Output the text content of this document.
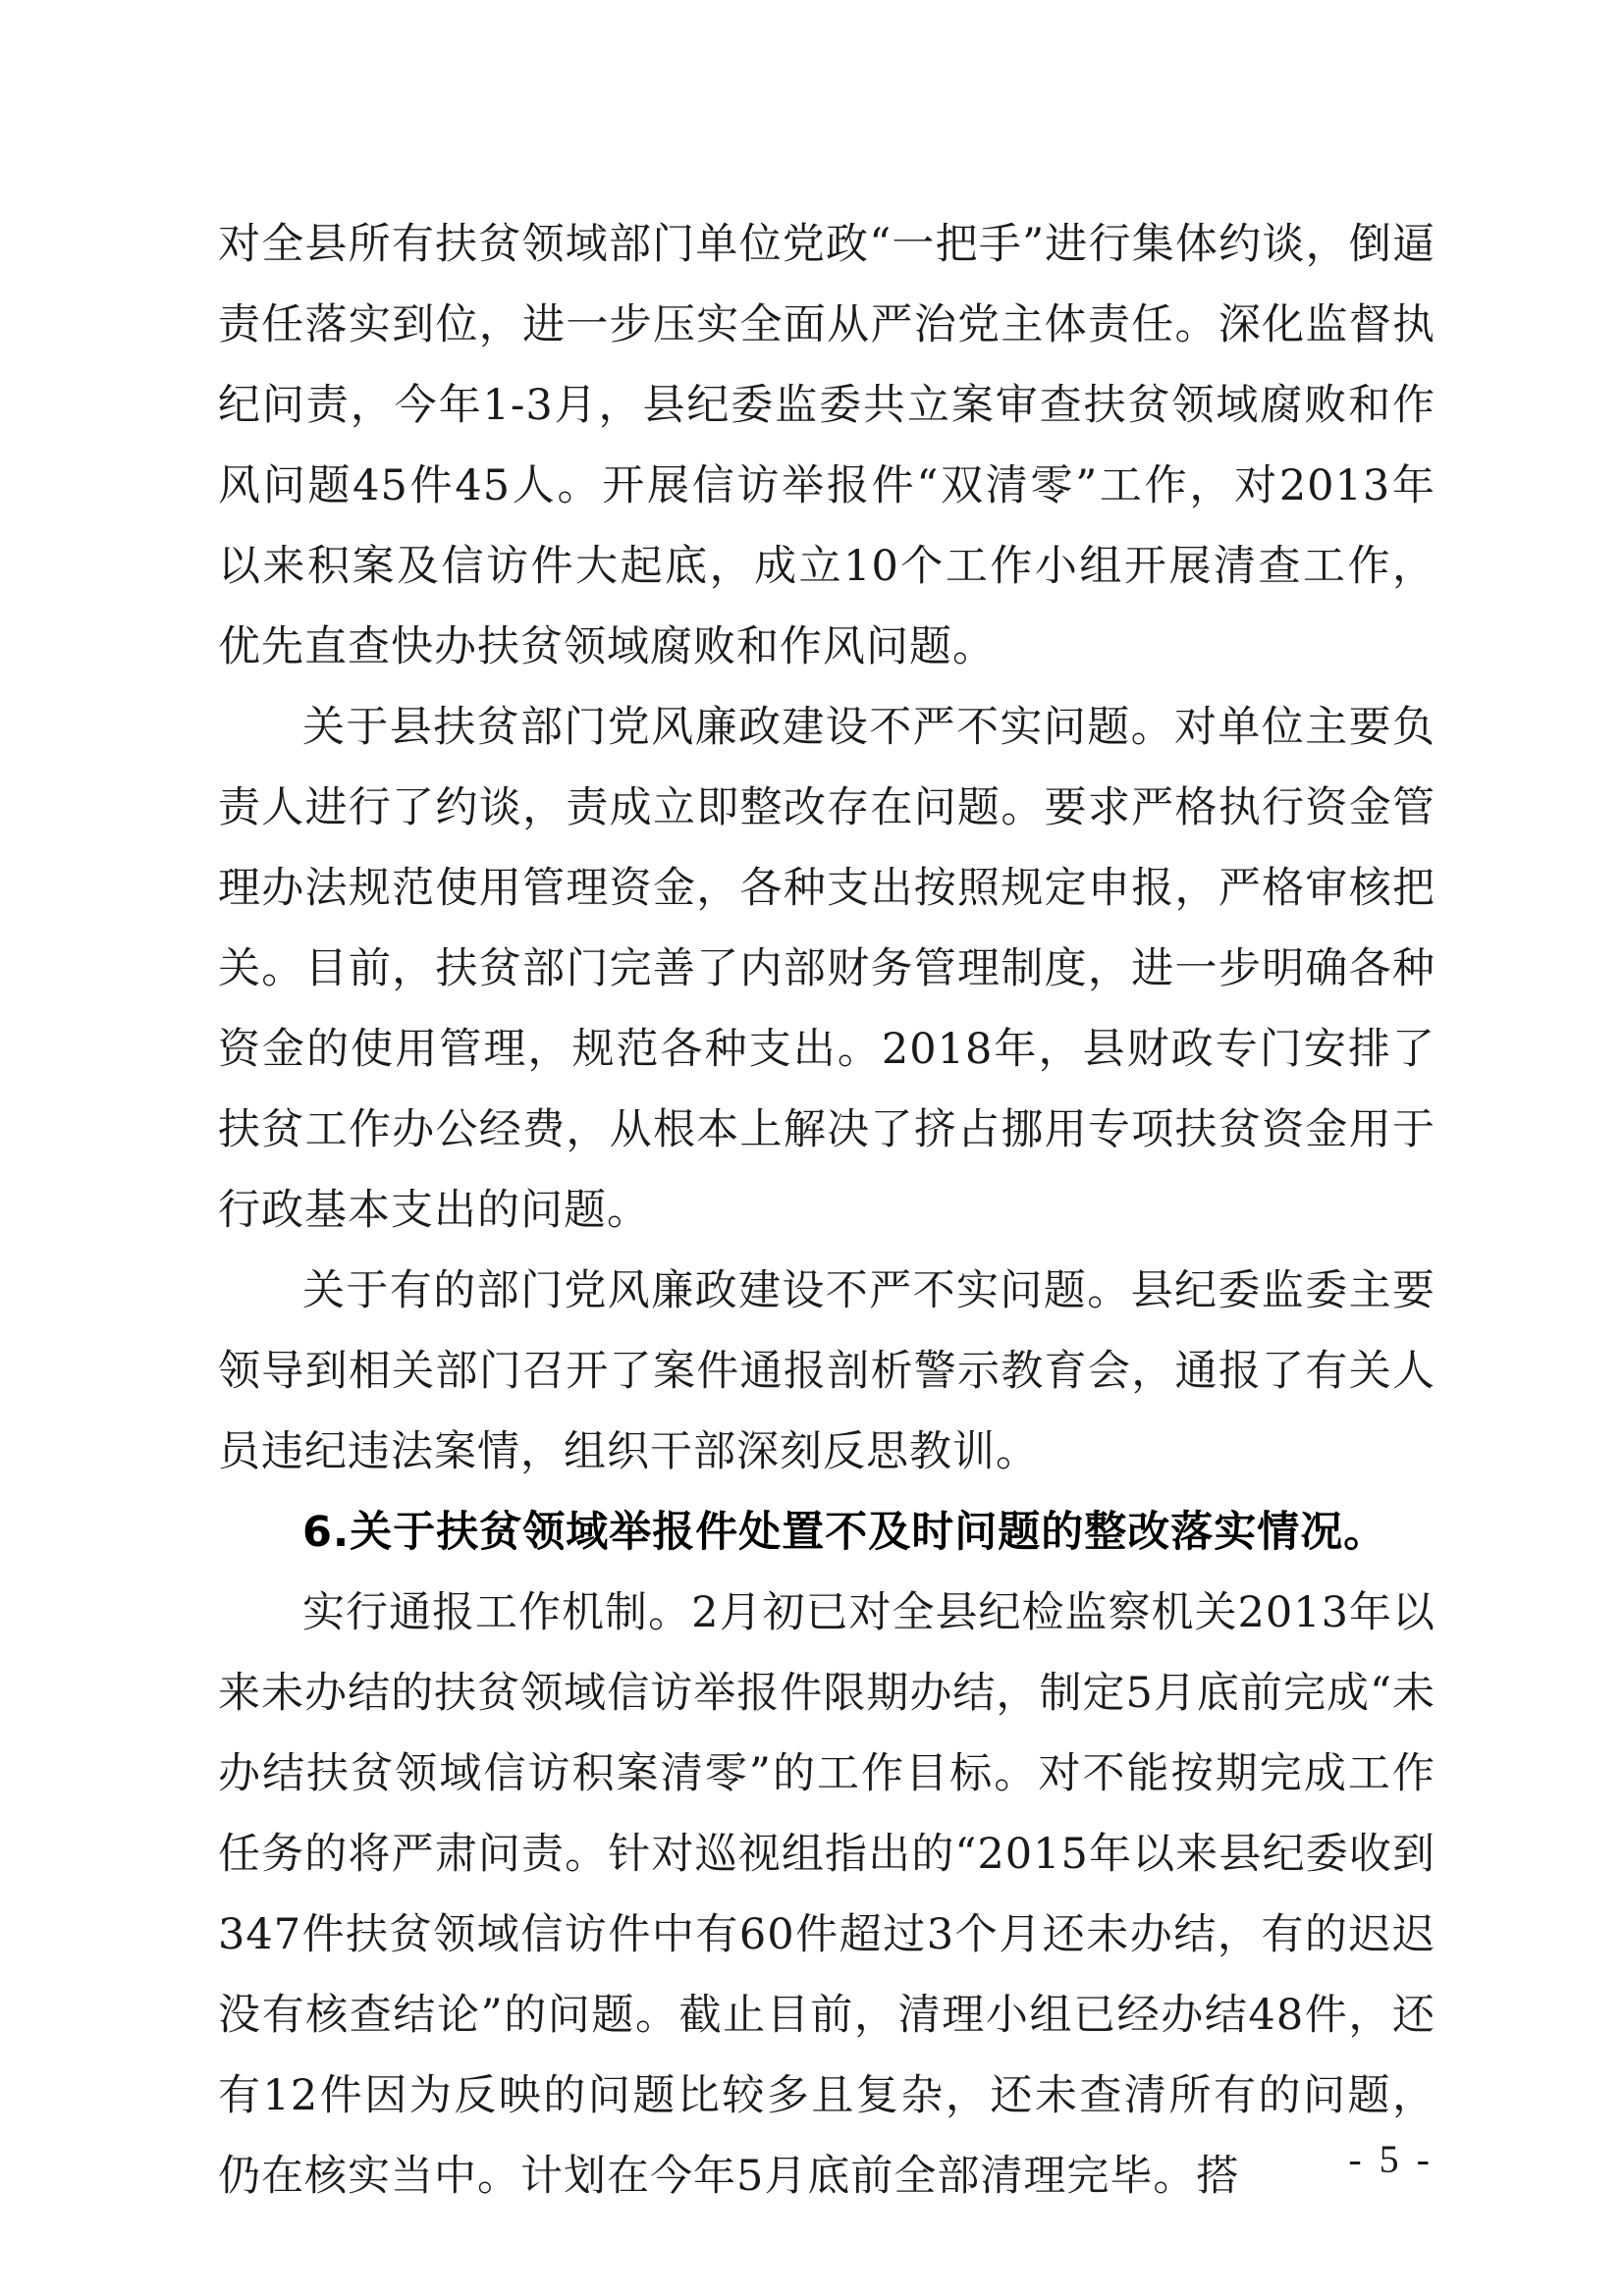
对全县所有扶贫领域部门单位党政“一把手”进行集体约谈，倒逼责任落实到位，进一步压实全面从严治党主体责任。深化监督执纪问责，今年1-3月，县纪委监委共立案审查扶贫领域腐败和作风问题45件45人。开展信访举报件“双清零”工作，对2013年以来积案及信访件大起底，成立10个工作小组开展清查工作，优先直查快办扶贫领域腐败和作风问题。

关于县扶贫部门党风廉政建设不严不实问题。对单位主要负责人进行了约谈，责成立即整改存在问题。要求严格执行资金管理办法规范使用管理资金，各种支出按照规定申报，严格审核把关。目前，扶贫部门完善了内部财务管理制度，进一步明确各种资金的使用管理，规范各种支出。2018年，县财政专门安排了扶贫工作办公经费，从根本上解决了挤占挪用专项扶贫资金用于行政基本支出的问题。

关于有的部门党风廉政建设不严不实问题。县纪委监委主要领导到相关部门召开了案件通报剖析警示教育会，通报了有关人员违纪违法案情，组织干部深刻反思教训。

6.关于扶贫领域举报件处置不及时问题的整改落实情况。

实行通报工作机制。2月初已对全县纪检监察机关2013年以来未办结的扶贫领域信访举报件限期办结，制定5月底前完成“未办结扶贫领域信访积案清零”的工作目标。对不能按期完成工作任务的将严肃问责。针对巡视组指出的“2015年以来县纪委收到347件扶贫领域信访件中有60件超过3个月还未办结，有的迟迟没有核查结论”的问题。截止目前，清理小组已经办结48件，还有12件因为反映的问题比较多且复杂，还未查清所有的问题，仍在核实当中。计划在今年5月底前全部清理完毕。搭	- 5 -
